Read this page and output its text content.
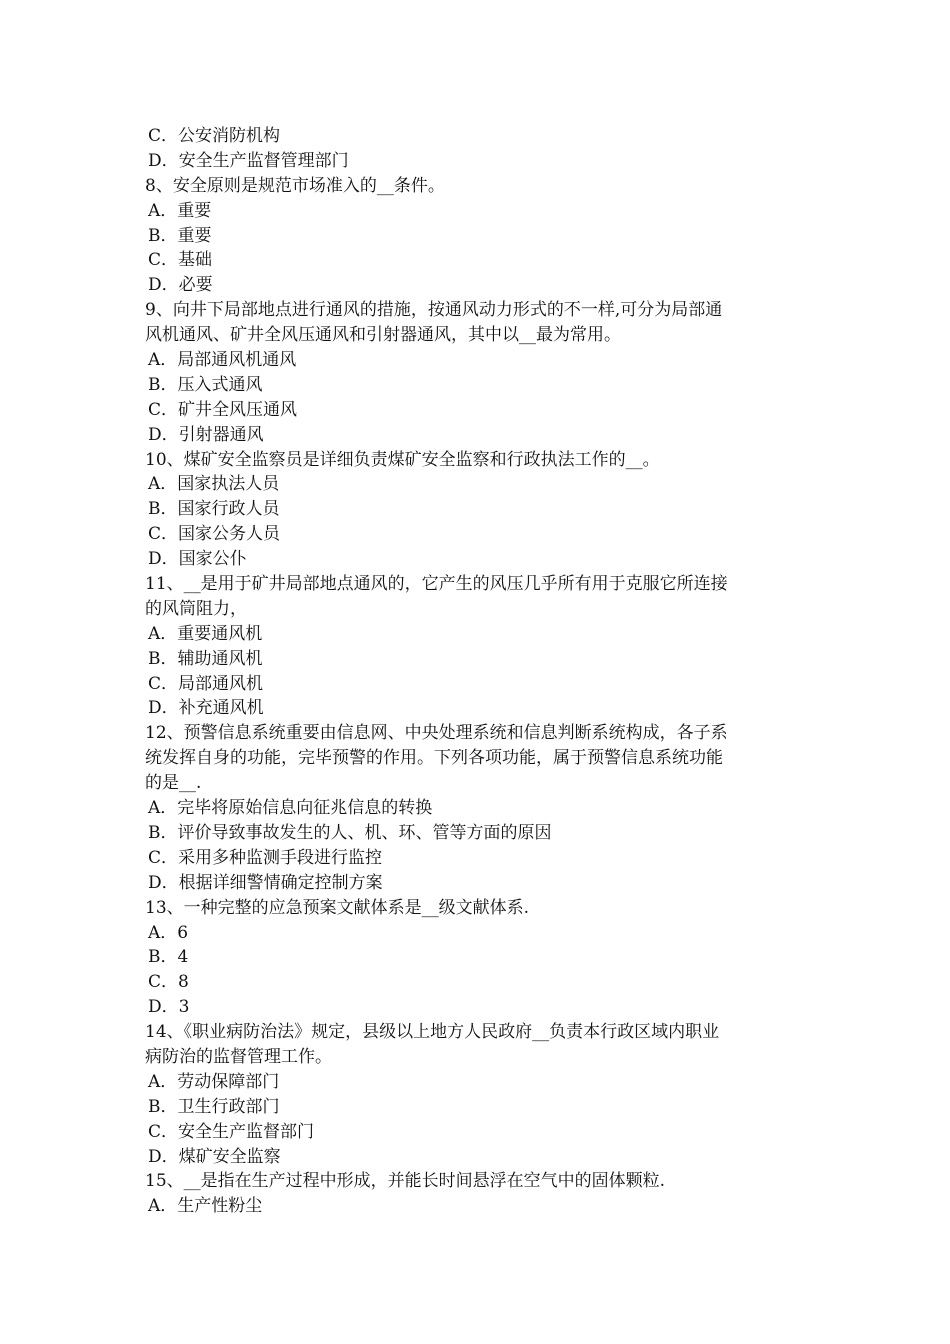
C．公安消防机构
D．安全生产监督管理部门
8、安全原则是规范市场准入的__条件。
A．重要
B．重要
C．基础
D．必要
9、向井下局部地点进行通风的措施，按通风动力形式的不一样,可分为局部通
风机通风、矿井全风压通风和引射器通风，其中以__最为常用。
A．局部通风机通风
B．压入式通风
C．矿井全风压通风
D．引射器通风
10、煤矿安全监察员是详细负责煤矿安全监察和行政执法工作的__。
A．国家执法人员
B．国家行政人员
C．国家公务人员
D．国家公仆
11、__是用于矿井局部地点通风的，它产生的风压几乎所有用于克服它所连接
的风筒阻力，
A．重要通风机
B．辅助通风机
C．局部通风机
D．补充通风机
12、预警信息系统重要由信息网、中央处理系统和信息判断系统构成，各子系
统发挥自身的功能，完毕预警的作用。下列各项功能，属于预警信息系统功能
的是__.
A．完毕将原始信息向征兆信息的转换
B．评价导致事故发生的人、机、环、管等方面的原因
C．采用多种监测手段进行监控
D．根据详细警情确定控制方案
13、一种完整的应急预案文献体系是__级文献体系.
A．6
B．4
C．8
D．3
14、《职业病防治法》规定，县级以上地方人民政府__负责本行政区域内职业
病防治的监督管理工作。
A．劳动保障部门
B．卫生行政部门
C．安全生产监督部门
D．煤矿安全监察
15、__是指在生产过程中形成，并能长时间悬浮在空气中的固体颗粒.
A．生产性粉尘
